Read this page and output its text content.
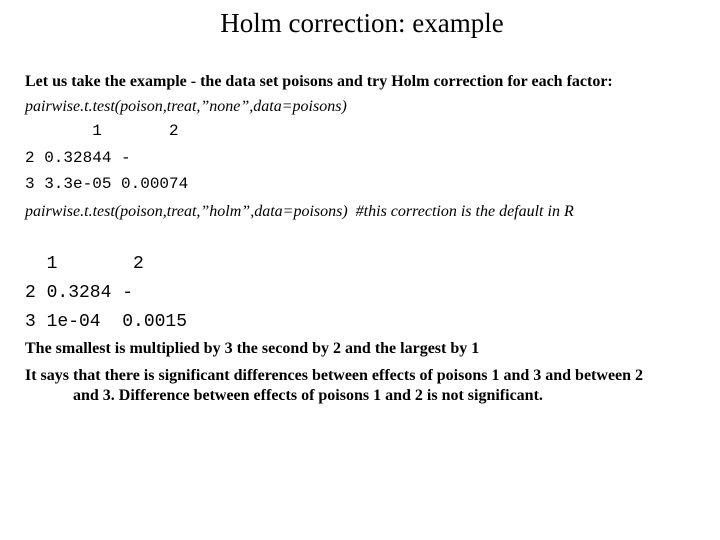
Holm correction: example
Let us take the example - the data set poisons and try Holm correction for each factor:
pairwise.t.test(poison,treat,”none”,data=poisons)
1       2
2 0.32844 -
3 3.3e-05 0.00074
pairwise.t.test(poison,treat,”holm”,data=poisons)  #this correction is the default in R
1       2
2 0.3284 -
3 1e-04  0.0015
The smallest is multiplied by 3 the second by 2 and the largest by 1
It says that there is significant differences between effects of poisons 1 and 3 and between 2
and 3. Difference between effects of poisons 1 and 2 is not significant.
